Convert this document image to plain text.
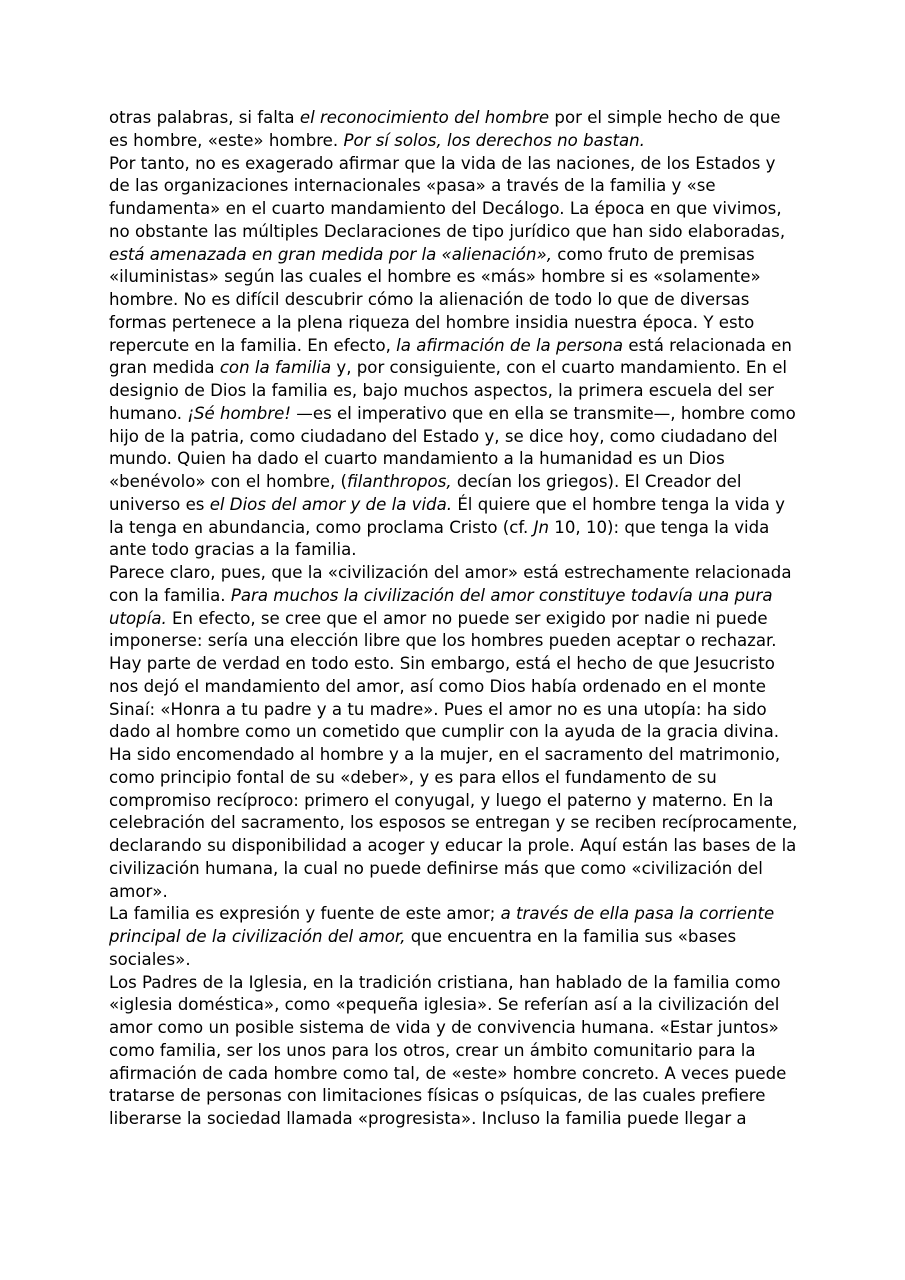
otras palabras, si falta el reconocimiento del hombre por el simple hecho de que es hombre, «este» hombre. Por sí solos, los derechos no bastan.

Por tanto, no es exagerado afirmar que la vida de las naciones, de los Estados y de las organizaciones internacionales «pasa» a través de la familia y «se fundamenta» en el cuarto mandamiento del Decálogo. La época en que vivimos, no obstante las múltiples Declaraciones de tipo jurídico que han sido elaboradas, está amenazada en gran medida por la «alienación», como fruto de premisas «iluministas» según las cuales el hombre es «más» hombre si es «solamente» hombre. No es difícil descubrir cómo la alienación de todo lo que de diversas formas pertenece a la plena riqueza del hombre insidia nuestra época. Y esto repercute en la familia. En efecto, la afirmación de la persona está relacionada en gran medida con la familia y, por consiguiente, con el cuarto mandamiento. En el designio de Dios la familia es, bajo muchos aspectos, la primera escuela del ser humano. ¡Sé hombre! —es el imperativo que en ella se transmite—, hombre como hijo de la patria, como ciudadano del Estado y, se dice hoy, como ciudadano del mundo. Quien ha dado el cuarto mandamiento a la humanidad es un Dios «benévolo» con el hombre, (filanthropos, decían los griegos). El Creador del universo es el Dios del amor y de la vida. Él quiere que el hombre tenga la vida y la tenga en abundancia, como proclama Cristo (cf. Jn 10, 10): que tenga la vida ante todo gracias a la familia.

Parece claro, pues, que la «civilización del amor» está estrechamente relacionada con la familia. Para muchos la civilización del amor constituye todavía una pura utopía. En efecto, se cree que el amor no puede ser exigido por nadie ni puede imponerse: sería una elección libre que los hombres pueden aceptar o rechazar.

Hay parte de verdad en todo esto. Sin embargo, está el hecho de que Jesucristo nos dejó el mandamiento del amor, así como Dios había ordenado en el monte Sinaí: «Honra a tu padre y a tu madre». Pues el amor no es una utopía: ha sido dado al hombre como un cometido que cumplir con la ayuda de la gracia divina. Ha sido encomendado al hombre y a la mujer, en el sacramento del matrimonio, como principio fontal de su «deber», y es para ellos el fundamento de su compromiso recíproco: primero el conyugal, y luego el paterno y materno. En la celebración del sacramento, los esposos se entregan y se reciben recíprocamente, declarando su disponibilidad a acoger y educar la prole. Aquí están las bases de la civilización humana, la cual no puede definirse más que como «civilización del amor».

La familia es expresión y fuente de este amor; a través de ella pasa la corriente principal de la civilización del amor, que encuentra en la familia sus «bases sociales».

Los Padres de la Iglesia, en la tradición cristiana, han hablado de la familia como «iglesia doméstica», como «pequeña iglesia». Se referían así a la civilización del amor como un posible sistema de vida y de convivencia humana. «Estar juntos» como familia, ser los unos para los otros, crear un ámbito comunitario para la afirmación de cada hombre como tal, de «este» hombre concreto. A veces puede tratarse de personas con limitaciones físicas o psíquicas, de las cuales prefiere liberarse la sociedad llamada «progresista». Incluso la familia puede llegar a
